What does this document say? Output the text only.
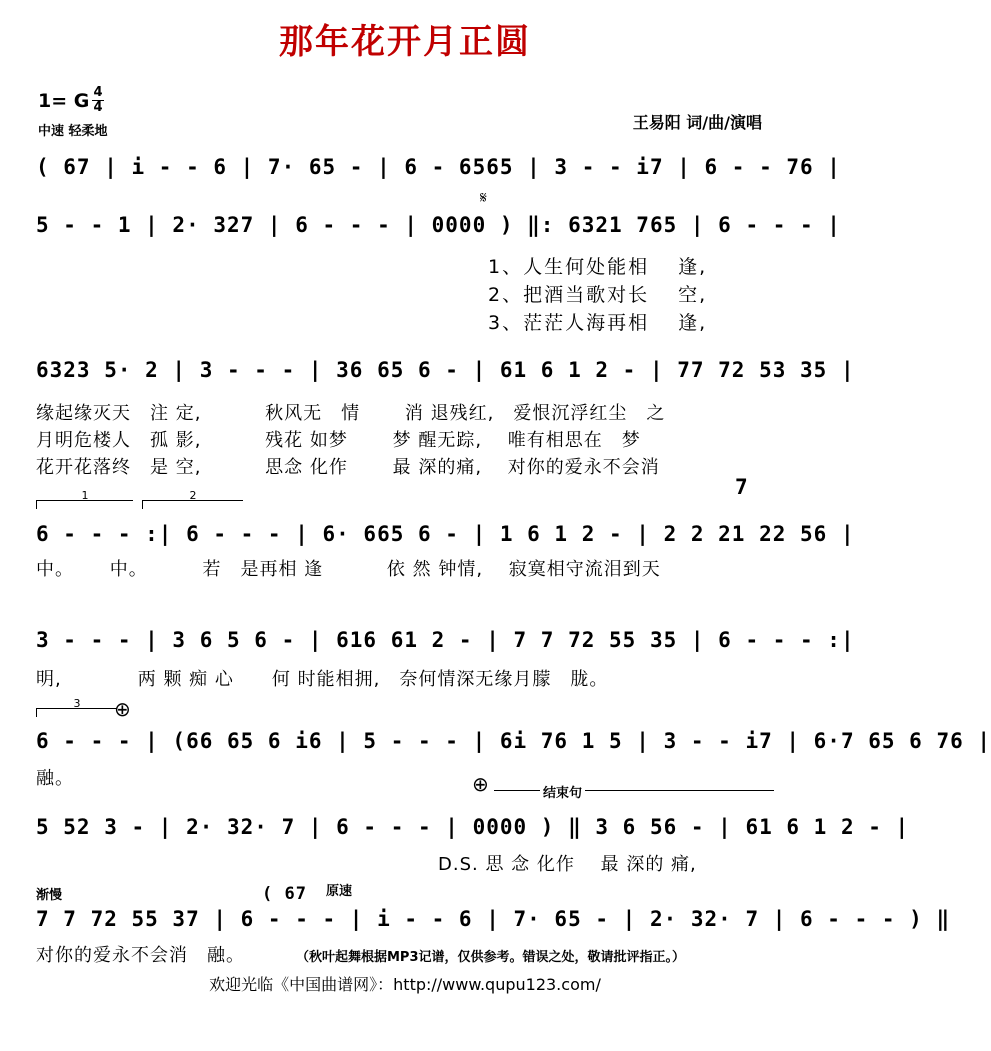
那年花开月正圆
1= G 4
4
中速 轻柔地	王易阳 词/曲/演唱
( 67 | i - - 6 | 7· 65 - | 6 - 6565 | 3 - - i7 | 6 - - 76 |
𝄋
5 - - 1 | 2· 327 | 6 - - - | 0000 ) ‖: 6321 765 | 6 - - - |
1、人生何处能相　 逢,
2、把酒当歌对长　 空,
3、茫茫人海再相　 逢,
6323 5· 2 | 3 - - - | 36 65 6 - | 61 6 1 2 - | 77 72 53 35 |
缘起缘灭天　注 定,　　　 秋风无　情　　 消 退残红,　爱恨沉浮红尘　之
月明危楼人　孤 影,　　　 残花 如梦　　 梦 醒无踪,　 唯有相思在　梦
花开花落终　是 空,　　　 思念 化作　　 最 深的痛,　 对你的爱永不会消
1	2	7
6 - - - :| 6 - - - | 6· 665 6 - | 1 6 1 2 - | 2 2 21 22 56 |
中。　　 中。　　　 若　是再相 逢　　　 依 然 钟情,　 寂寞相守流泪到天
3 - - - | 3 6 5 6 - | 616 61 2 - | 7 7 72 55 35 | 6 - - - :|
明,　　　　两 颗 痴 心　　何 时能相拥,　奈何情深无缘月朦　胧。
3	⊕
6 - - - | (66 65 6 i6 | 5 - - - | 6i 76 1 5 | 3 - - i7 | 6·7 65 6 76 |
融。	⊕	结束句
5 52 3 - | 2· 32· 7 | 6 - - - | 0000 ) ‖ 3 6 56 - | 61 6 1 2 - |
D.S. 思 念 化作　 最 深的 痛,
渐慢	( 67 原速
7 7 72 55 37 | 6 - - - | i - - 6 | 7· 65 - | 2· 32· 7 | 6 - - - ) ‖
对你的爱永不会消　融。	（秋叶起舞根据MP3记谱，仅供参考。错误之处，敬请批评指正。）
欢迎光临《中国曲谱网》：http://www.qupu123.com/
